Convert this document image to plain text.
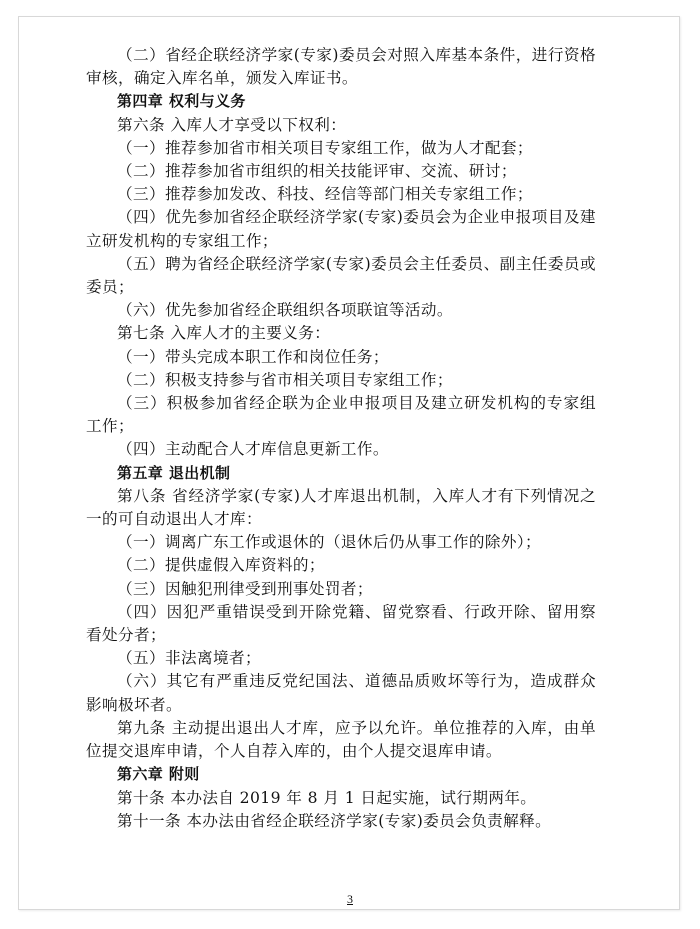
（二）省经企联经济学家(专家)委员会对照入库基本条件，进行资格审核，确定入库名单，颁发入库证书。

第四章 权利与义务

第六条 入库人才享受以下权利：

（一）推荐参加省市相关项目专家组工作，做为人才配套；

（二）推荐参加省市组织的相关技能评审、交流、研讨；

（三）推荐参加发改、科技、经信等部门相关专家组工作；

（四）优先参加省经企联经济学家(专家)委员会为企业申报项目及建立研发机构的专家组工作；

（五）聘为省经企联经济学家(专家)委员会主任委员、副主任委员或委员；

（六）优先参加省经企联组织各项联谊等活动。

第七条 入库人才的主要义务：

（一）带头完成本职工作和岗位任务；

（二）积极支持参与省市相关项目专家组工作；

（三）积极参加省经企联为企业申报项目及建立研发机构的专家组工作；

（四）主动配合人才库信息更新工作。

第五章 退出机制

第八条 省经济学家(专家)人才库退出机制，入库人才有下列情况之一的可自动退出人才库：

（一）调离广东工作或退休的（退休后仍从事工作的除外）；

（二）提供虚假入库资料的；

（三）因触犯刑律受到刑事处罚者；

（四）因犯严重错误受到开除党籍、留党察看、行政开除、留用察看处分者；

（五）非法离境者；

（六）其它有严重违反党纪国法、道德品质败坏等行为，造成群众影响极坏者。

第九条 主动提出退出人才库，应予以允许。单位推荐的入库，由单位提交退库申请，个人自荐入库的，由个人提交退库申请。

第六章 附则

第十条 本办法自 2019 年 8 月 1 日起实施，试行期两年。

第十一条 本办法由省经企联经济学家(专家)委员会负责解释。

3
